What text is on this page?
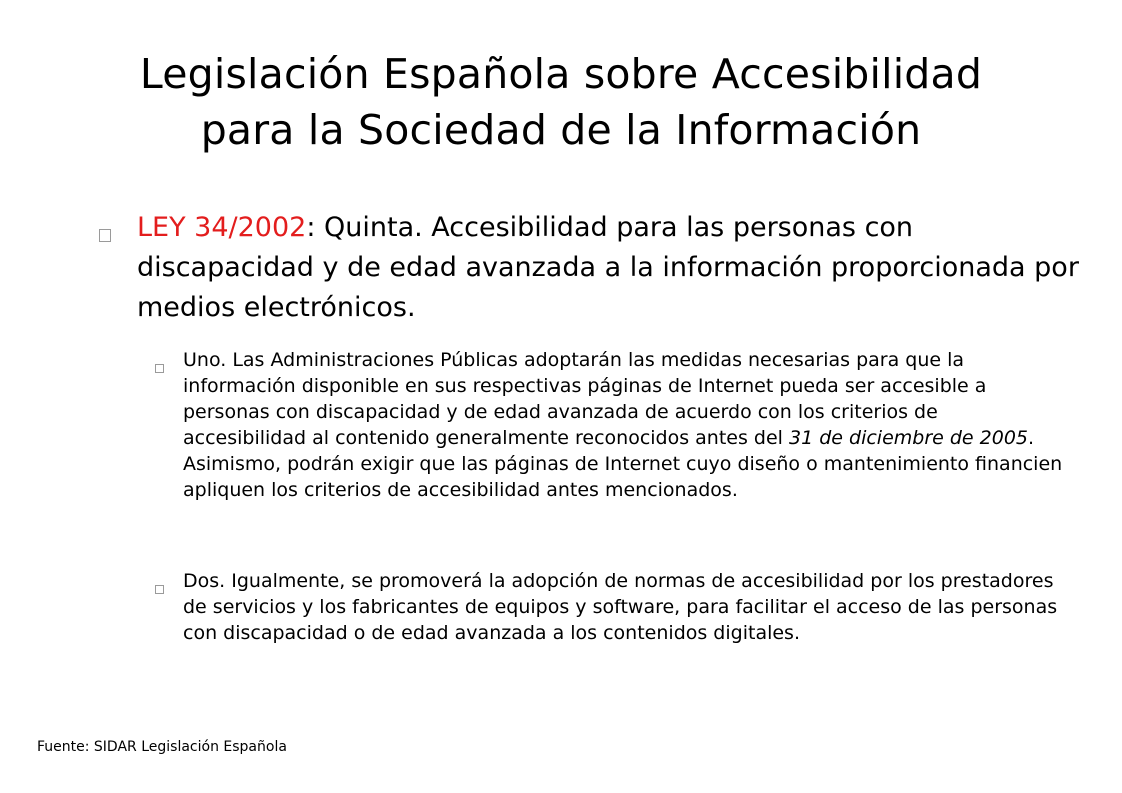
Legislación Española sobre Accesibilidad
para la Sociedad de la Información
LEY 34/2002: Quinta. Accesibilidad para las personas con discapacidad y de edad avanzada a la información proporcionada por medios electrónicos.
Uno. Las Administraciones Públicas adoptarán las medidas necesarias para que la información disponible en sus respectivas páginas de Internet pueda ser accesible a personas con discapacidad y de edad avanzada de acuerdo con los criterios de accesibilidad al contenido generalmente reconocidos antes del 31 de diciembre de 2005. Asimismo, podrán exigir que las páginas de Internet cuyo diseño o mantenimiento financien apliquen los criterios de accesibilidad antes mencionados.
Dos. Igualmente, se promoverá la adopción de normas de accesibilidad por los prestadores de servicios y los fabricantes de equipos y software, para facilitar el acceso de las personas con discapacidad o de edad avanzada a los contenidos digitales.
Fuente: SIDAR Legislación Española
